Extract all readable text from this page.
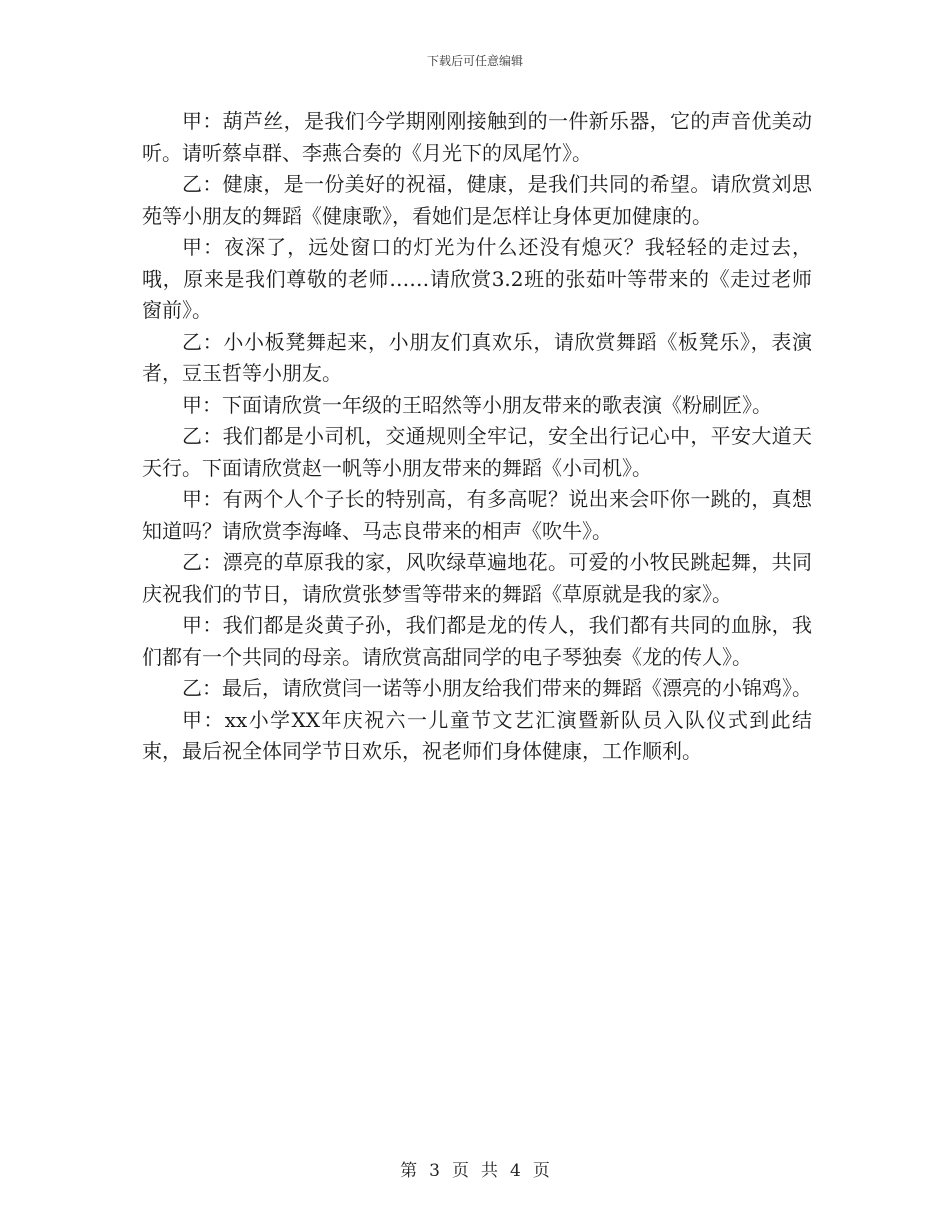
下载后可任意编辑

甲：葫芦丝，是我们今学期刚刚接触到的一件新乐器，它的声音优美动听。请听蔡卓群、李燕合奏的《月光下的凤尾竹》。

乙：健康，是一份美好的祝福，健康，是我们共同的希望。请欣赏刘思苑等小朋友的舞蹈《健康歌》，看她们是怎样让身体更加健康的。

甲：夜深了，远处窗口的灯光为什么还没有熄灭？我轻轻的走过去，哦，原来是我们尊敬的老师……请欣赏3.2班的张茹叶等带来的《走过老师窗前》。

乙：小小板凳舞起来，小朋友们真欢乐，请欣赏舞蹈《板凳乐》，表演者，豆玉哲等小朋友。

甲：下面请欣赏一年级的王昭然等小朋友带来的歌表演《粉刷匠》。

乙：我们都是小司机，交通规则全牢记，安全出行记心中，平安大道天天行。下面请欣赏赵一帆等小朋友带来的舞蹈《小司机》。

甲：有两个人个子长的特别高，有多高呢？说出来会吓你一跳的，真想知道吗？请欣赏李海峰、马志良带来的相声《吹牛》。

乙：漂亮的草原我的家，风吹绿草遍地花。可爱的小牧民跳起舞，共同庆祝我们的节日，请欣赏张梦雪等带来的舞蹈《草原就是我的家》。

甲：我们都是炎黄子孙，我们都是龙的传人，我们都有共同的血脉，我们都有一个共同的母亲。请欣赏高甜同学的电子琴独奏《龙的传人》。

乙：最后，请欣赏闫一诺等小朋友给我们带来的舞蹈《漂亮的小锦鸡》。

甲：xx小学XX年庆祝六一儿童节文艺汇演暨新队员入队仪式到此结束，最后祝全体同学节日欢乐，祝老师们身体健康，工作顺利。

第 3 页 共 4 页
